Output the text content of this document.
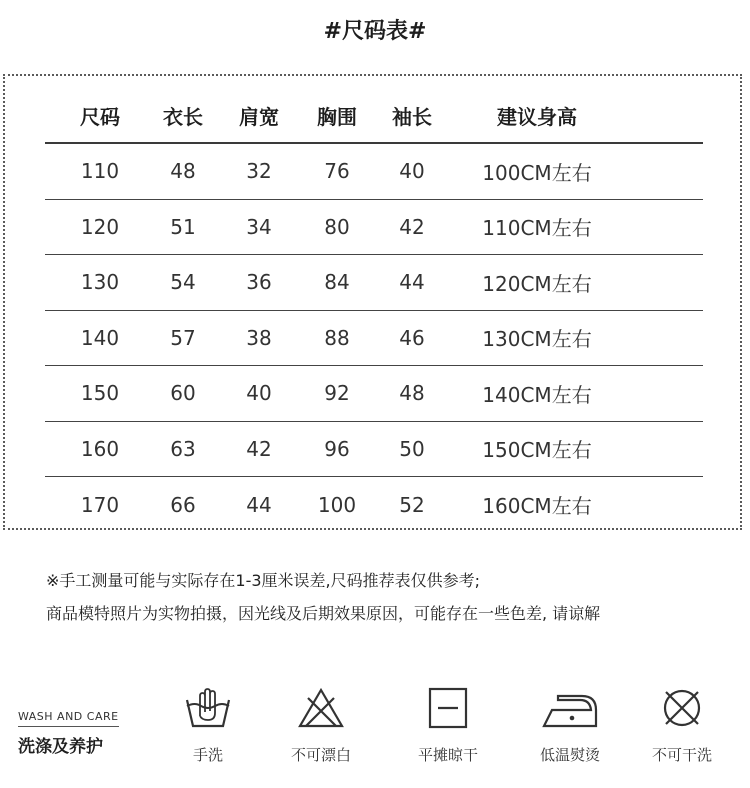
#尺码表#
尺码	衣长	肩宽	胸围	袖长	建议身高
110	48	32	76	40	100CM左右
120	51	34	80	42	110CM左右
130	54	36	84	44	120CM左右
140	57	38	88	46	130CM左右
150	60	40	92	48	140CM左右
160	63	42	96	50	150CM左右
170	66	44	100	52	160CM左右
※手工测量可能与实际存在1-3厘米误差,尺码推荐表仅供参考;
商品模特照片为实物拍摄，因光线及后期效果原因，可能存在一些色差, 请谅解
WASH AND CARE
洗涤及养护	手洗	不可漂白	平摊晾干	低温熨烫	不可干洗
